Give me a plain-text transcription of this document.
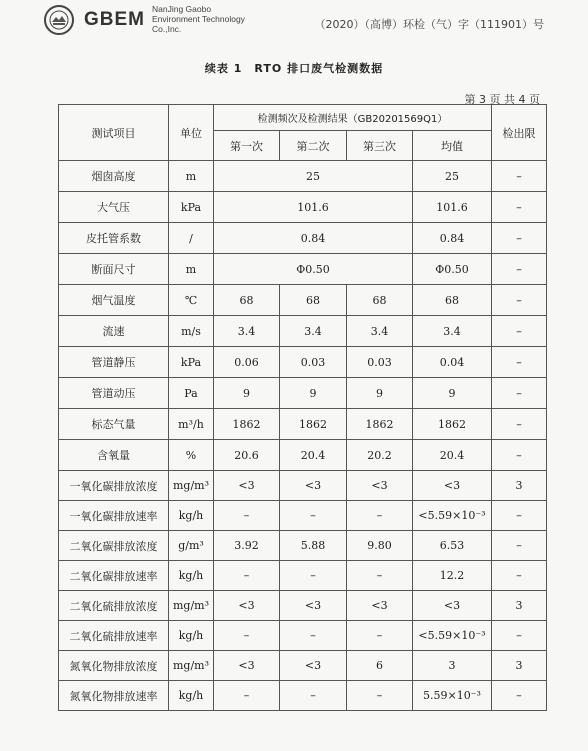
GBEM NanJing Gaobo
Environment Technology
Co.,Inc.	（2020）（高博）环检（气）字（111901）号
续表 1　RTO 排口废气检测数据
第 3 页 共 4 页
测试项目	单位	检测频次及检测结果（GB20201569Q1）				检出限
		第一次	第二次	第三次	均值	
烟囱高度	m	25			25	–
大气压	kPa	101.6			101.6	–
皮托管系数	/	0.84			0.84	–
断面尺寸	m	Φ0.50			Φ0.50	–
烟气温度	℃	68	68	68	68	–
流速	m/s	3.4	3.4	3.4	3.4	–
管道静压	kPa	0.06	0.03	0.03	0.04	–
管道动压	Pa	9	9	9	9	–
标态气量	m³/h	1862	1862	1862	1862	–
含氧量	%	20.6	20.4	20.2	20.4	–
一氧化碳排放浓度	mg/m³	<3	<3	<3	<3	3
一氧化碳排放速率	kg/h	–	–	–	<5.59×10⁻³	–
二氧化碳排放浓度	g/m³	3.92	5.88	9.80	6.53	–
二氧化碳排放速率	kg/h	–	–	–	12.2	–
二氧化硫排放浓度	mg/m³	<3	<3	<3	<3	3
二氧化硫排放速率	kg/h	–	–	–	<5.59×10⁻³	–
氮氧化物排放浓度	mg/m³	<3	<3	6	3	3
氮氧化物排放速率	kg/h	–	–	–	5.59×10⁻³	–
